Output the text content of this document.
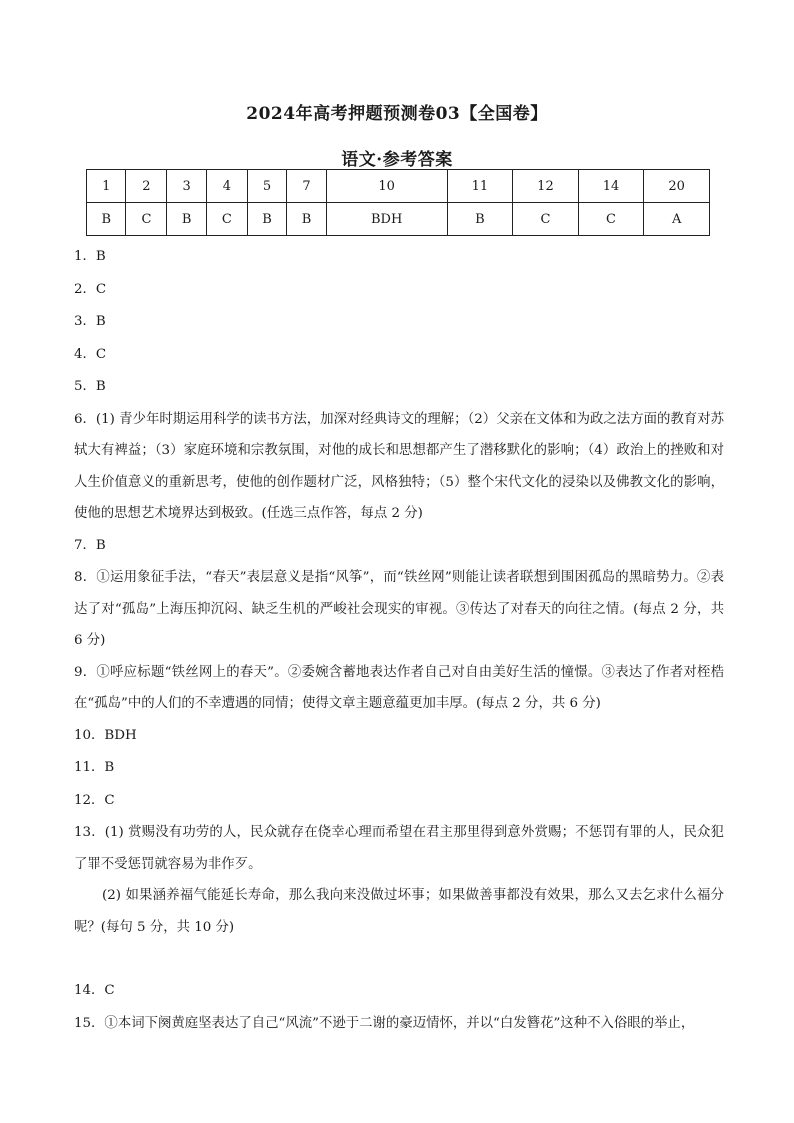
2024年高考押题预测卷03【全国卷】
语文·参考答案
1	2	3	4	5	7	10	11	12	14	20
B	C	B	C	B	B	BDH	B	C	C	A

1．B

2．C

3．B

4．C

5．B

6．(1) 青少年时期运用科学的读书方法，加深对经典诗文的理解；（2）父亲在文体和为政之法方面的教育对苏轼大有裨益；（3）家庭环境和宗教氛围，对他的成长和思想都产生了潜移默化的影响；（4）政治上的挫败和对人生价值意义的重新思考，使他的创作题材广泛，风格独特；（5）整个宋代文化的浸染以及佛教文化的影响，使他的思想艺术境界达到极致。(任选三点作答，每点 2 分)

7．B

8．①运用象征手法，“春天”表层意义是指“风筝”，而“铁丝网”则能让读者联想到围困孤岛的黑暗势力。②表达了对“孤岛”上海压抑沉闷、缺乏生机的严峻社会现实的审视。③传达了对春天的向往之情。(每点 2 分，共 6 分)

9．①呼应标题“铁丝网上的春天”。②委婉含蓄地表达作者自己对自由美好生活的憧憬。③表达了作者对桎梏在“孤岛”中的人们的不幸遭遇的同情；使得文章主题意蕴更加丰厚。(每点 2 分，共 6 分)

10．BDH

11．B

12．C

13．(1) 赏赐没有功劳的人，民众就存在侥幸心理而希望在君主那里得到意外赏赐；不惩罚有罪的人，民众犯了罪不受惩罚就容易为非作歹。

(2) 如果涵养福气能延长寿命，那么我向来没做过坏事；如果做善事都没有效果，那么又去乞求什么福分呢？(每句 5 分，共 10 分)

14．C

15．①本词下阕黄庭坚表达了自己“风流”不逊于二谢的豪迈情怀，并以“白发簪花”这种不入俗眼的举止，
